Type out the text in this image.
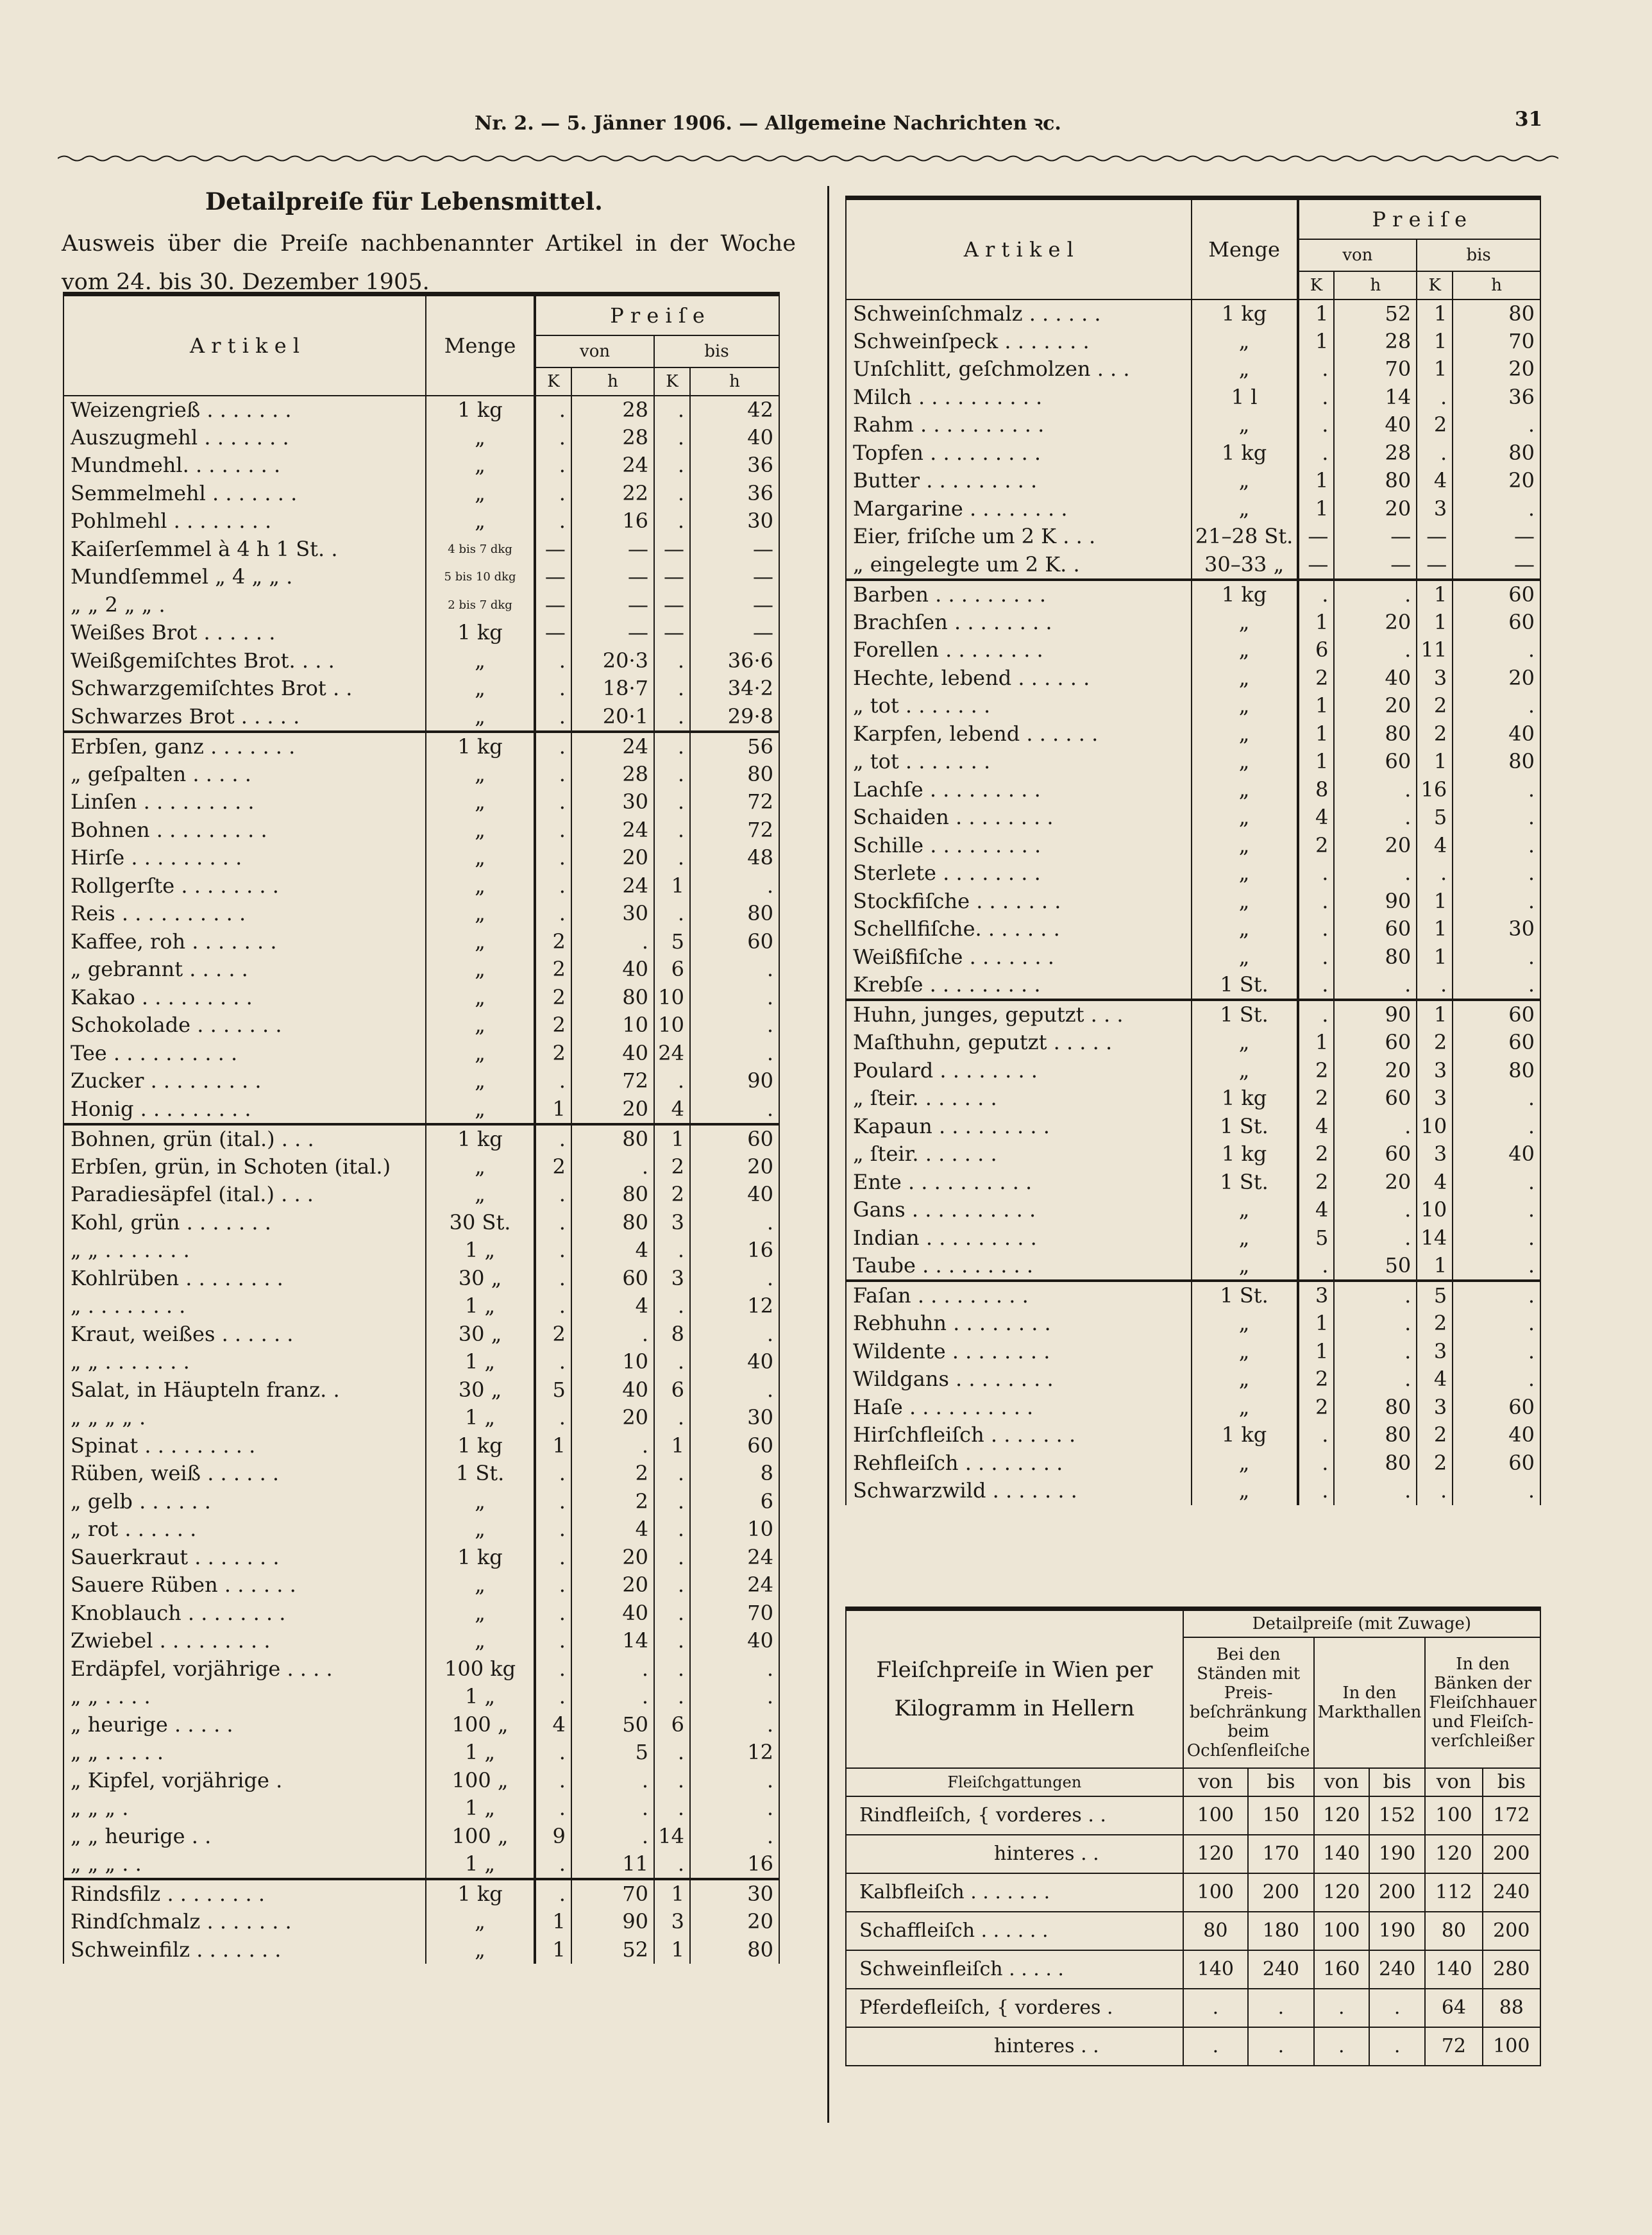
Nr. 2. — 5. Jänner 1906. — Allgemeine Nachrichten ꝛc.	31
Detailpreiſe für Lebensmittel.
Ausweis über die Preiſe nachbenannter Artikel in der Woche vom 24. bis 30. Dezember 1905.
A r t i k e l	Menge		P r e i ſ e			
			von		bis	
			K	h	K	h
Weizengrieß . . . . . . .	1 kg		.	28	.	42
Auszugmehl . . . . . . .	„		.	28	.	40
Mundmehl. . . . . . . .	„		.	24	.	36
Semmelmehl . . . . . . .	„		.	22	.	36
Pohlmehl . . . . . . . .	„		.	16	.	30
Kaiſerſemmel à 4 h 1 St. .	4 bis 7 dkg		—	—	—	—
Mundſemmel „ 4 „ „ .	5 bis 10 dkg		—	—	—	—
„ „ 2 „ „ .	2 bis 7 dkg		—	—	—	—
Weißes Brot . . . . . .	1 kg		—	—	—	—
Weißgemiſchtes Brot. . . .	„		.	20·3	.	36·6
Schwarzgemiſchtes Brot . .	„		.	18·7	.	34·2
Schwarzes Brot . . . . .	„		.	20·1	.	29·8
Erbſen, ganz . . . . . . .	1 kg		.	24	.	56
„ geſpalten . . . . .	„		.	28	.	80
Linſen . . . . . . . . .	„		.	30	.	72
Bohnen . . . . . . . . .	„		.	24	.	72
Hirſe . . . . . . . . .	„		.	20	.	48
Rollgerſte . . . . . . . .	„		.	24	1	.
Reis . . . . . . . . . .	„		.	30	.	80
Kaffee, roh . . . . . . .	„		2	.	5	60
„ gebrannt . . . . .	„		2	40	6	.
Kakao . . . . . . . . .	„		2	80	10	.
Schokolade . . . . . . .	„		2	10	10	.
Tee . . . . . . . . . .	„		2	40	24	.
Zucker . . . . . . . . .	„		.	72	.	90
Honig . . . . . . . . .	„		1	20	4	.
Bohnen, grün (ital.) . . .	1 kg		.	80	1	60
Erbſen, grün, in Schoten (ital.)	„		2	.	2	20
Paradiesäpfel (ital.) . . .	„		.	80	2	40
Kohl, grün . . . . . . .	30 St.		.	80	3	.
„ „ . . . . . . .	1 „		.	4	.	16
Kohlrüben . . . . . . . .	30 „		.	60	3	.
„ . . . . . . . .	1 „		.	4	.	12
Kraut, weißes . . . . . .	30 „		2	.	8	.
„ „ . . . . . . .	1 „		.	10	.	40
Salat, in Häupteln franz. .	30 „		5	40	6	.
„ „ „ „ .	1 „		.	20	.	30
Spinat . . . . . . . . .	1 kg		1	.	1	60
Rüben, weiß . . . . . .	1 St.		.	2	.	8
„ gelb . . . . . .	„		.	2	.	6
„ rot . . . . . .	„		.	4	.	10
Sauerkraut . . . . . . .	1 kg		.	20	.	24
Sauere Rüben . . . . . .	„		.	20	.	24
Knoblauch . . . . . . . .	„		.	40	.	70
Zwiebel . . . . . . . . .	„		.	14	.	40
Erdäpfel, vorjährige . . . .	100 kg		.	.	.	.
„ „ . . . .	1 „		.	.	.	.
„ heurige . . . . .	100 „		4	50	6	.
„ „ . . . . .	1 „		.	5	.	12
„ Kipfel, vorjährige .	100 „		.	.	.	.
„ „ „ .	1 „		.	.	.	.
„ „ heurige . .	100 „		9	.	14	.
„ „ „ . .	1 „		.	11	.	16
Rindsfilz . . . . . . . .	1 kg		.	70	1	30
Rindſchmalz . . . . . . .	„		1	90	3	20
Schweinfilz . . . . . . .	„		1	52	1	80
A r t i k e l	Menge		P r e i ſ e			
			von		bis	
			K	h	K	h
Schweinſchmalz . . . . . .	1 kg		1	52	1	80
Schweinſpeck . . . . . . .	„		1	28	1	70
Unſchlitt, geſchmolzen . . .	„		.	70	1	20
Milch . . . . . . . . . .	1 l		.	14	.	36
Rahm . . . . . . . . . .	„		.	40	2	.
Topfen . . . . . . . . .	1 kg		.	28	.	80
Butter . . . . . . . . .	„		1	80	4	20
Margarine . . . . . . . .	„		1	20	3	.
Eier, friſche um 2 K . . .	21–28 St.		—	—	—	—
„ eingelegte um 2 K. .	30–33 „		—	—	—	—
Barben . . . . . . . . .	1 kg		.	.	1	60
Brachſen . . . . . . . .	„		1	20	1	60
Forellen . . . . . . . .	„		6	.	11	.
Hechte, lebend . . . . . .	„		2	40	3	20
„ tot . . . . . . .	„		1	20	2	.
Karpfen, lebend . . . . . .	„		1	80	2	40
„ tot . . . . . . .	„		1	60	1	80
Lachſe . . . . . . . . .	„		8	.	16	.
Schaiden . . . . . . . .	„		4	.	5	.
Schille . . . . . . . . .	„		2	20	4	.
Sterlete . . . . . . . .	„		.	.	.	.
Stockfiſche . . . . . . .	„		.	90	1	.
Schellfiſche. . . . . . .	„		.	60	1	30
Weißfiſche . . . . . . .	„		.	80	1	.
Krebſe . . . . . . . . .	1 St.		.	.	.	.
Huhn, junges, geputzt . . .	1 St.		.	90	1	60
Maſthuhn, geputzt . . . . .	„		1	60	2	60
Poulard . . . . . . . .	„		2	20	3	80
„ ſteir. . . . . . .	1 kg		2	60	3	.
Kapaun . . . . . . . . .	1 St.		4	.	10	.
„ ſteir. . . . . . .	1 kg		2	60	3	40
Ente . . . . . . . . . .	1 St.		2	20	4	.
Gans . . . . . . . . . .	„		4	.	10	.
Indian . . . . . . . . .	„		5	.	14	.
Taube . . . . . . . . .	„		.	50	1	.
Faſan . . . . . . . . .	1 St.		3	.	5	.
Rebhuhn . . . . . . . .	„		1	.	2	.
Wildente . . . . . . . .	„		1	.	3	.
Wildgans . . . . . . . .	„		2	.	4	.
Haſe . . . . . . . . . .	„		2	80	3	60
Hirſchfleiſch . . . . . . .	1 kg		.	80	2	40
Rehfleiſch . . . . . . . .	„		.	80	2	60
Schwarzwild . . . . . . .	„		.	.	.	.
Fleiſchpreiſe in Wien per Kilogramm in Hellern	Detailpreiſe (mit Zuwage)					
	Bei den Ständen mit Preis- beſchränkung beim Ochſenfleiſche		In den Markthallen		In den Bänken der Fleiſchhauer und Fleiſch- verſchleißer	
Fleiſchgattungen	von	bis	von	bis	von	bis
Rindfleiſch, { vorderes . .	100	150	120	152	100	172
hinteres . .	120	170	140	190	120	200
Kalbfleiſch . . . . . . .	100	200	120	200	112	240
Schaffleiſch . . . . . .	80	180	100	190	80	200
Schweinfleiſch . . . . .	140	240	160	240	140	280
Pferdefleiſch, { vorderes .	.	.	.	.	64	88
hinteres . .	.	.	.	.	72	100
